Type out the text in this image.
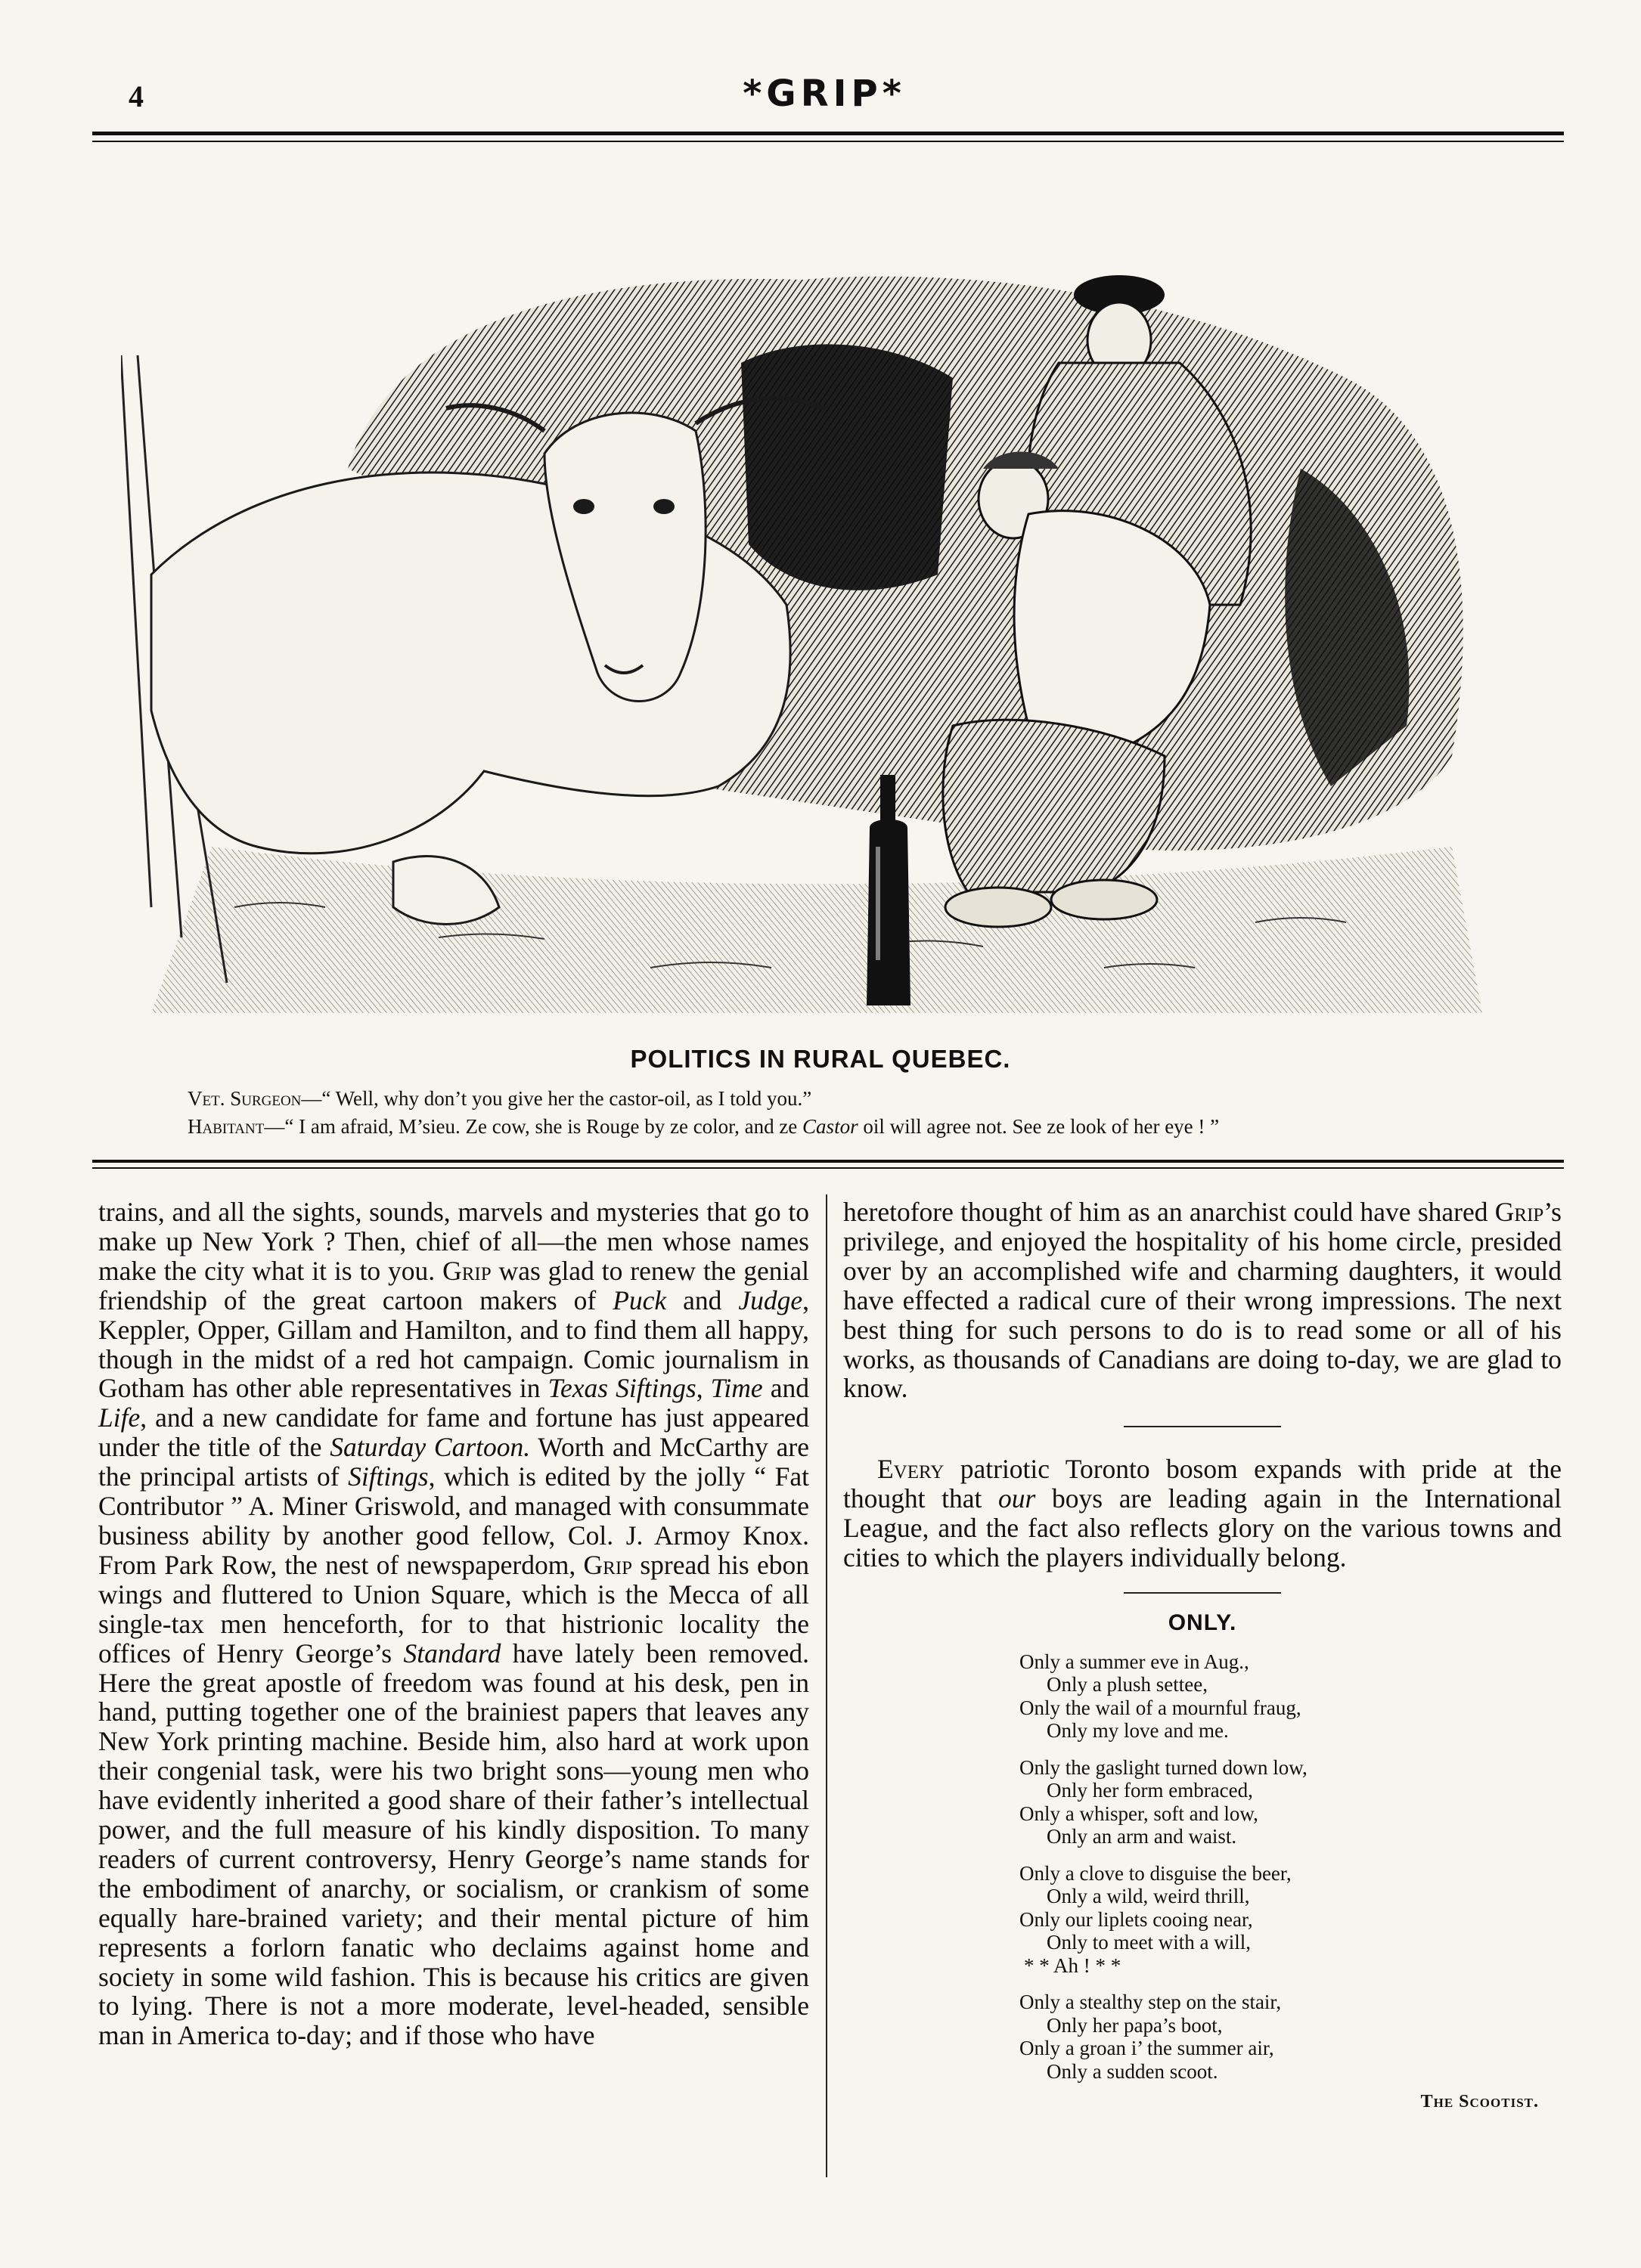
4	*GRIP*
POLITICS IN RURAL QUEBEC.
Vet. Surgeon—“ Well, why don’t you give her the castor-oil, as I told you.”
Habitant—“ I am afraid, M’sieu. Ze cow, she is Rouge by ze color, and ze Castor oil will agree not. See ze look of her eye ! ”

trains, and all the sights, sounds, marvels and mysteries that go to make up New York ? Then, chief of all—the men whose names make the city what it is to you. Grip was glad to renew the genial friendship of the great cartoon makers of Puck and Judge, Keppler, Opper, Gillam and Hamilton, and to find them all happy, though in the midst of a red hot campaign. Comic journalism in Gotham has other able representatives in Texas Siftings, Time and Life, and a new candidate for fame and fortune has just appeared under the title of the Saturday Cartoon. Worth and McCarthy are the principal artists of Siftings, which is edited by the jolly “ Fat Contributor ” A. Miner Griswold, and managed with consummate business ability by another good fellow, Col. J. Armoy Knox. From Park Row, the nest of newspaperdom, Grip spread his ebon wings and fluttered to Union Square, which is the Mecca of all single-tax men henceforth, for to that histrionic locality the offices of Henry George’s Standard have lately been removed. Here the great apostle of freedom was found at his desk, pen in hand, putting together one of the brainiest papers that leaves any New York printing machine. Beside him, also hard at work upon their congenial task, were his two bright sons—young men who have evidently inherited a good share of their father’s intellectual power, and the full measure of his kindly disposition. To many readers of current controversy, Henry George’s name stands for the embodiment of anarchy, or socialism, or crankism of some equally hare-brained variety; and their mental picture of him represents a forlorn fanatic who declaims against home and society in some wild fashion. This is because his critics are given to lying. There is not a more moderate, level-headed, sensible man in America to-day; and if those who have

heretofore thought of him as an anarchist could have shared Grip’s privilege, and enjoyed the hospitality of his home circle, presided over by an accomplished wife and charming daughters, it would have effected a radical cure of their wrong impressions. The next best thing for such persons to do is to read some or all of his works, as thousands of Canadians are doing to-day, we are glad to know.

Every patriotic Toronto bosom expands with pride at the thought that our boys are leading again in the International League, and the fact also reflects glory on the various towns and cities to which the players individually belong.

ONLY.
Only a summer eve in Aug.,
Only a plush settee,
Only the wail of a mournful fraug,
Only my love and me.
Only the gaslight turned down low,
Only her form embraced,
Only a whisper, soft and low,
Only an arm and waist.
Only a clove to disguise the beer,
Only a wild, weird thrill,
Only our liplets cooing near,
Only to meet with a will,
* * Ah ! * *
Only a stealthy step on the stair,
Only her papa’s boot,
Only a groan i’ the summer air,
Only a sudden scoot.
The Scootist.
